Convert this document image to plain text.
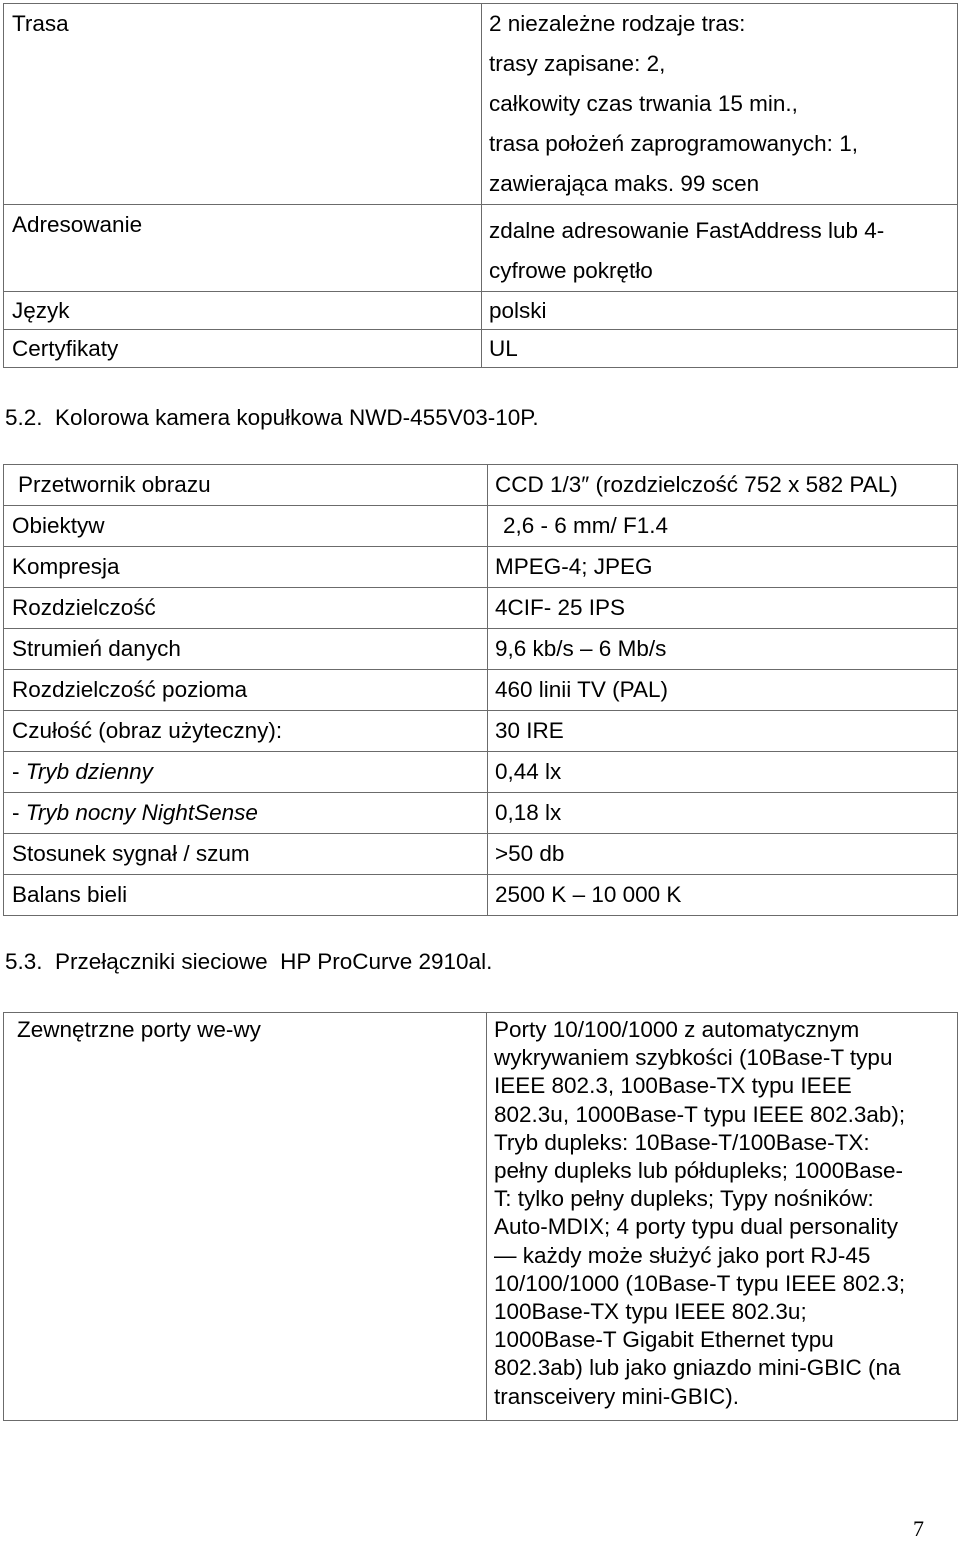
Trasa	2 niezależne rodzaje tras:
trasy zapisane: 2,
całkowity czas trwania 15 min.,
trasa położeń zaprogramowanych: 1,
zawierająca maks. 99 scen

Adresowanie	zdalne adresowanie FastAddress lub 4-
cyfrowe pokrętło

Język	polski
Certyfikaty	UL
5.2. Kolorowa kamera kopułkowa NWD-455V03-10P.
Przetwornik obrazu	CCD 1/3″ (rozdzielczość 752 x 582 PAL)
Obiektyw	2,6 - 6 mm/ F1.4
Kompresja	MPEG-4; JPEG
Rozdzielczość	4CIF- 25 IPS
Strumień danych	9,6 kb/s – 6 Mb/s
Rozdzielczość pozioma	460 linii TV (PAL)
Czułość (obraz użyteczny):	30 IRE
- Tryb dzienny	0,44 lx
- Tryb nocny NightSense	0,18 lx
Stosunek sygnał / szum	>50 db
Balans bieli	2500 K – 10 000 K
5.3. Przełączniki sieciowe  HP ProCurve 2910al.
Zewnętrzne porty we-wy	Porty 10/100/1000 z automatycznym
wykrywaniem szybkości (10Base-T typu
IEEE 802.3, 100Base-TX typu IEEE
802.3u, 1000Base-T typu IEEE 802.3ab);
Tryb dupleks: 10Base-T/100Base-TX:
pełny dupleks lub półdupleks; 1000Base-
T: tylko pełny dupleks; Typy nośników:
Auto-MDIX; 4 porty typu dual personality
— każdy może służyć jako port RJ-45
10/100/1000 (10Base-T typu IEEE 802.3;
100Base-TX typu IEEE 802.3u;
1000Base-T Gigabit Ethernet typu
802.3ab) lub jako gniazdo mini-GBIC (na
transceivery mini-GBIC).
7
